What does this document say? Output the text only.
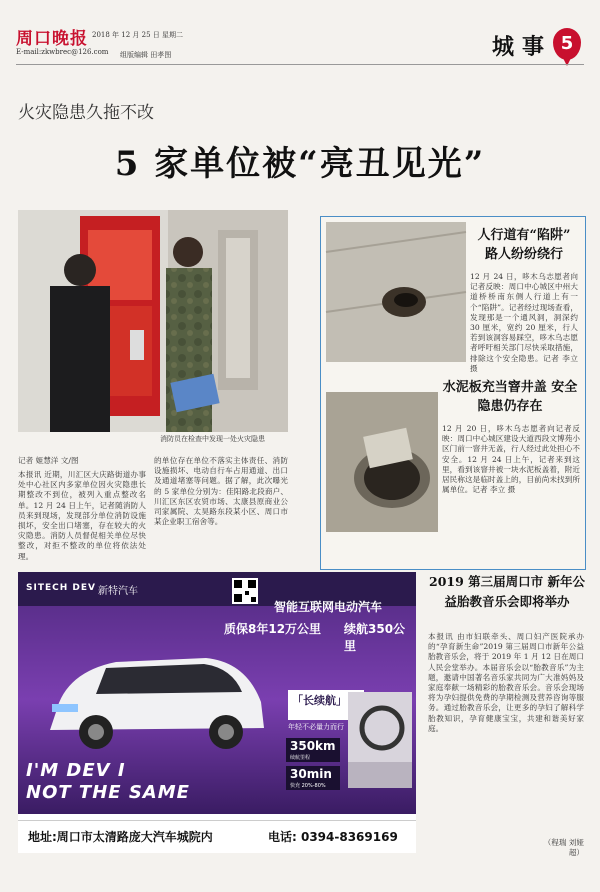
周口晚报 2018 年 12 月 25 日 星期二
E-mail:zkwbrec@126.com 组版编辑 田孝图	城事 5
火灾隐患久拖不改
5 家单位被“亮丑见光”
消防员在检查中发现一处火灾隐患
记者 姬慧洋 文/图
本报讯 近期，川汇区大庆路街道办事处中心社区内多家单位因火灾隐患长期整改不到位，被列入重点整改名单。12 月 24 日上午，记者随消防人员来到现场，发现部分单位消防设施损坏，安全出口堵塞，存在较大的火灾隐患。消防人员督促相关单位尽快整改，对拒不整改的单位将依法处理。
的单位存在单位不落实主体责任、消防设施损坏、电动自行车占用通道、出口及通道堵塞等问题。据了解，此次曝光的 5 家单位分别为：佳阳路北段商户、川汇区东区农贸市场、太康县原商业公司家属院、太昊路东段某小区、周口市某企业职工宿舍等。
人行道有“陷阱” 路人纷纷绕行
12 月 24 日，哆木乌志愿者向记者反映：周口中心城区中州大道桥桥南东侧人行道上有一个“陷阱”。记者经过现场查看，发现那是一个通风洞，洞深约 30 厘米，宽约 20 厘米，行人若到该洞容易踩空，哆木乌志愿者呼吁相关部门尽快采取措施，排除这个安全隐患。记者 李立 摄
水泥板充当窨井盖 安全隐患仍存在
12 月 20 日，哆木乌志愿者向记者反映：周口中心城区建设大道西段文博苑小区门前一窨井无盖，行人经过此处担心不安全。12 月 24 日上午，记者来到这里，看到该窨井被一块水泥板盖着，附近居民称这是临时盖上的，目前尚未找到所属单位。记者 李立 摄
SITECH DEV 新特汽车
智能互联网电动汽车
质保8年12万公里 续航350公里
「长续航」
年轻不必量力而行
350km
续航里程
30min
快充 20%-80%
I'M DEV I
NOT THE SAME
地址:周口市太清路庞大汽车城院内	电话: 0394-8369169
2019 第三届周口市 新年公益胎教音乐会即将举办
本报讯 由市妇联牵头、周口妇产医院承办的“孕育新生命”2019 第三届周口市新年公益胎教音乐会，将于 2019 年 1 月 12 日在周口人民会堂举办。本届音乐会以“胎教音乐”为主题，邀请中国著名音乐家共同为广大准妈妈及家庭奉献一场精彩的胎教音乐会。音乐会现场将为孕妇提供免费的孕期检测及营养咨询等服务。通过胎教音乐会，让更多的孕妇了解科学胎教知识，孕育健康宝宝，共建和谐美好家庭。
（程瑞 刘娅超）
